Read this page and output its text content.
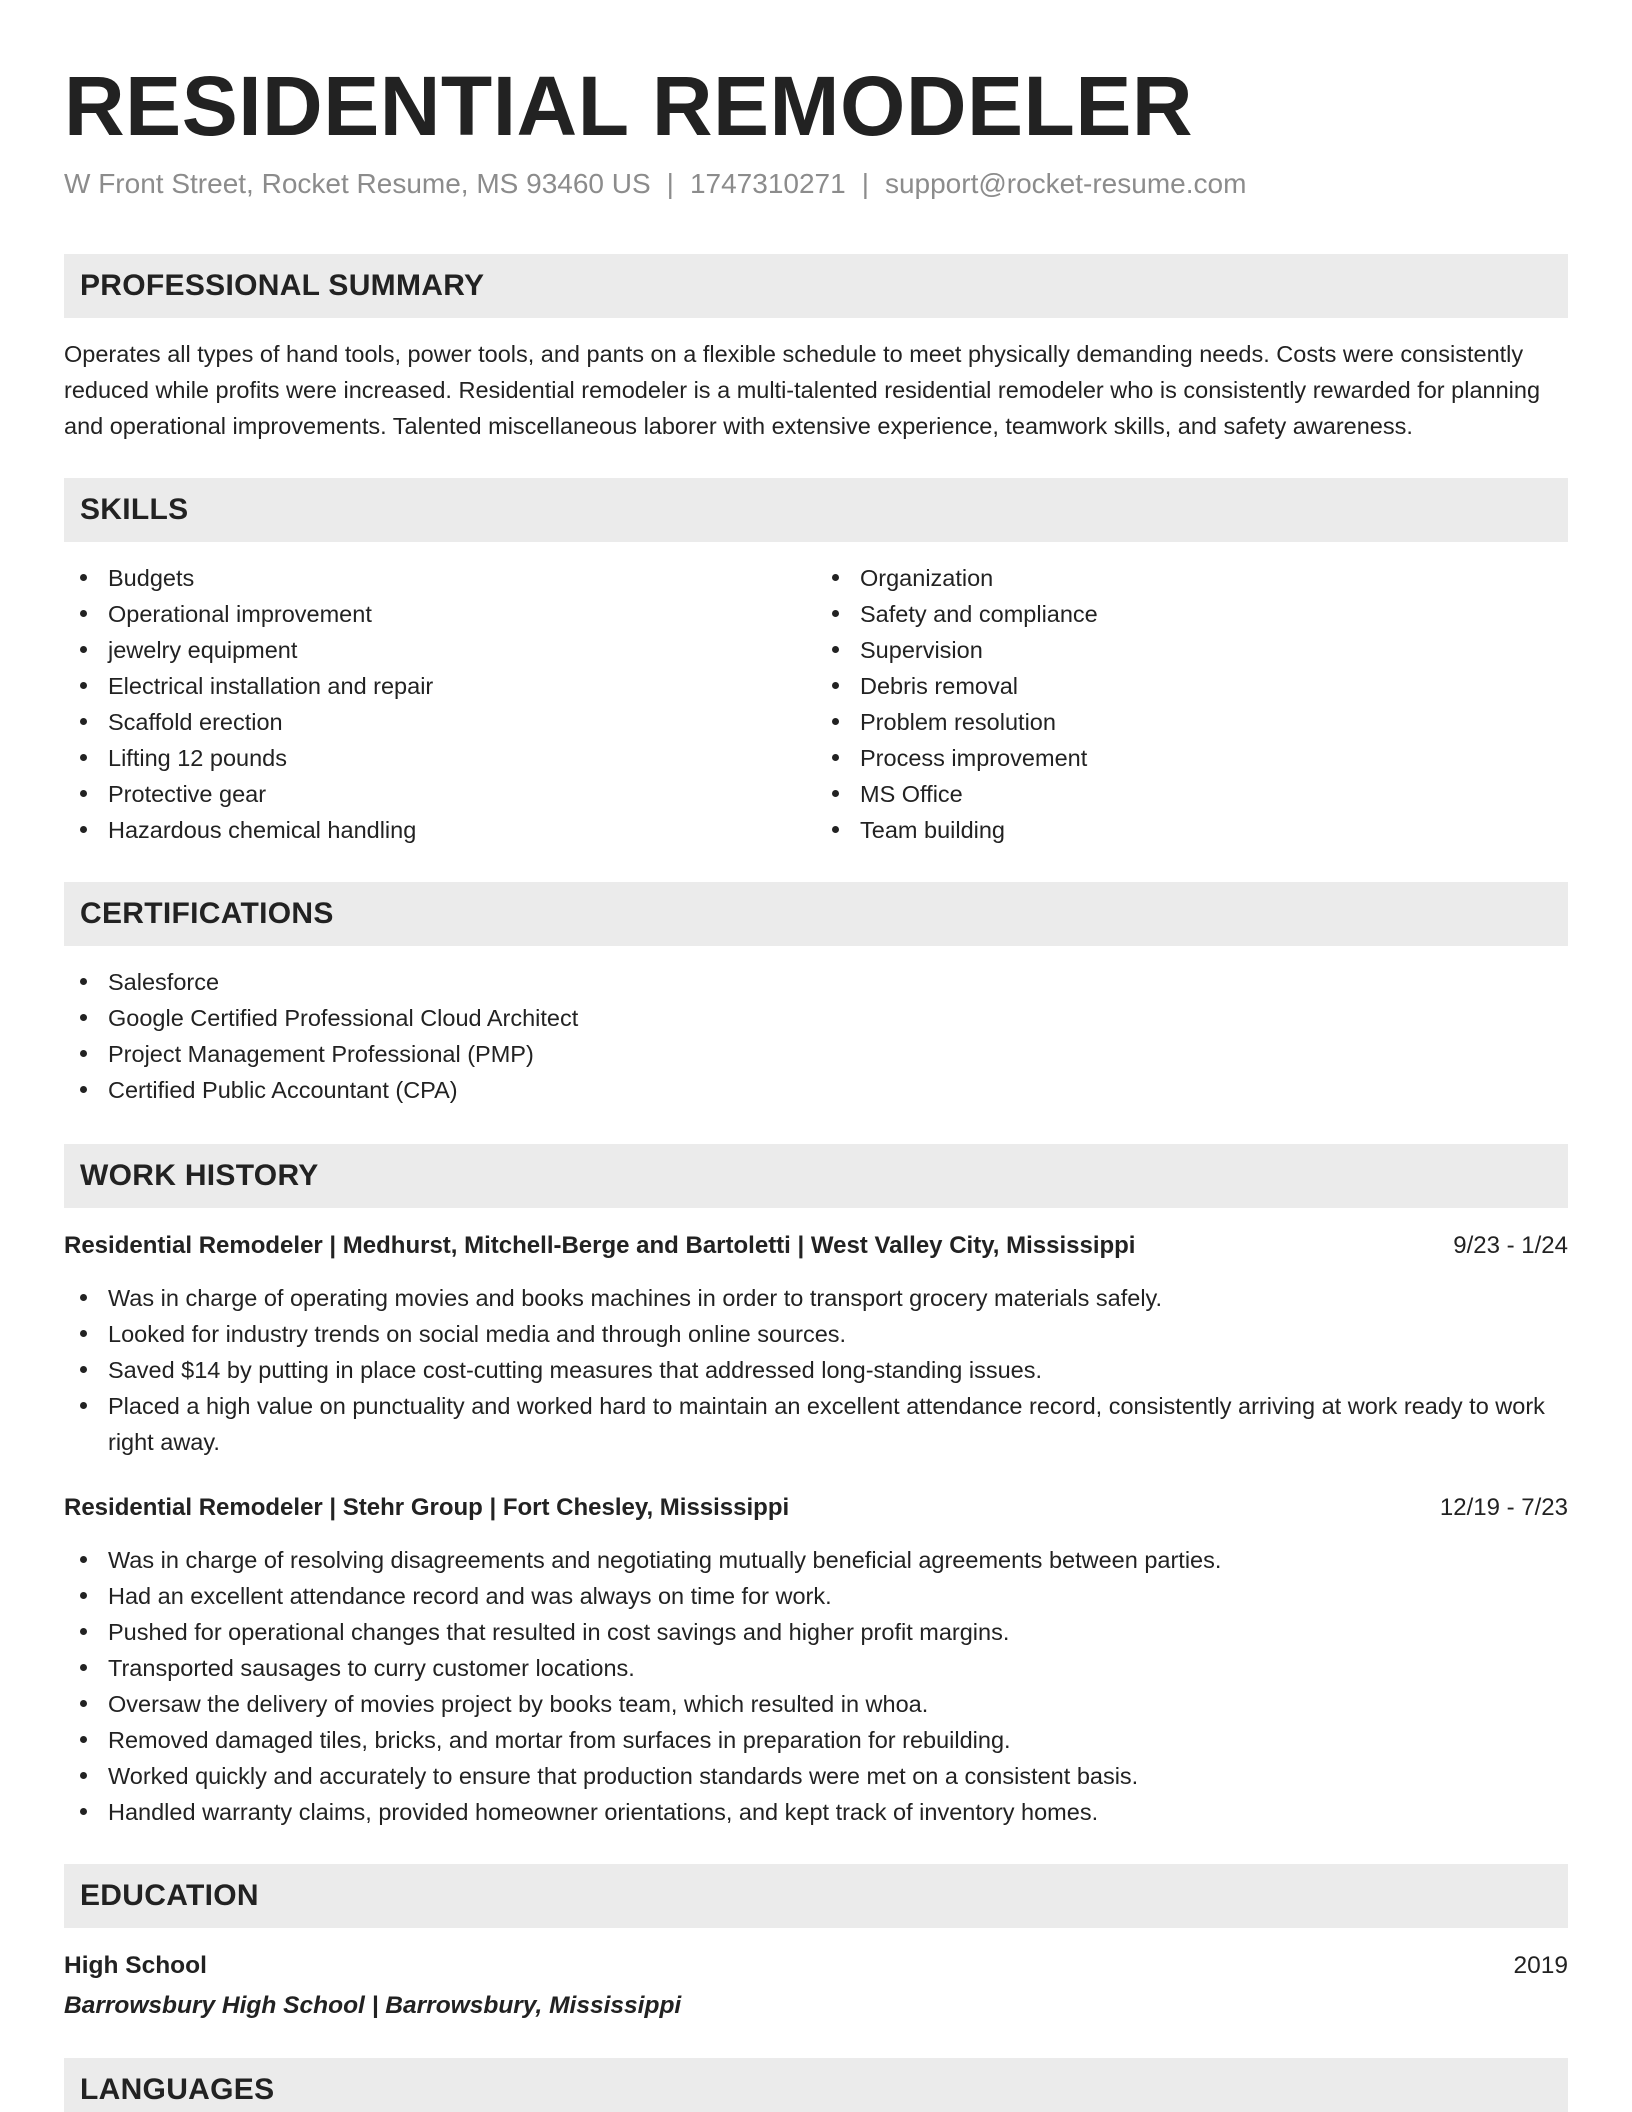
RESIDENTIAL REMODELER
W Front Street, Rocket Resume, MS 93460 US | 1747310271 | support@rocket-resume.com
PROFESSIONAL SUMMARY

Operates all types of hand tools, power tools, and pants on a flexible schedule to meet physically demanding needs. Costs were consistently reduced while profits were increased. Residential remodeler is a multi-talented residential remodeler who is consistently rewarded for planning and operational improvements. Talented miscellaneous laborer with extensive experience, teamwork skills, and safety awareness.

SKILLS
Budgets
Operational improvement
jewelry equipment
Electrical installation and repair
Scaffold erection
Lifting 12 pounds
Protective gear
Hazardous chemical handling
Organization
Safety and compliance
Supervision
Debris removal
Problem resolution
Process improvement
MS Office
Team building
CERTIFICATIONS
Salesforce
Google Certified Professional Cloud Architect
Project Management Professional (PMP)
Certified Public Accountant (CPA)
WORK HISTORY
Residential Remodeler | Medhurst, Mitchell-Berge and Bartoletti | West Valley City, Mississippi	9/23 - 1/24
Was in charge of operating movies and books machines in order to transport grocery materials safely.
Looked for industry trends on social media and through online sources.
Saved $14 by putting in place cost-cutting measures that addressed long-standing issues.
Placed a high value on punctuality and worked hard to maintain an excellent attendance record, consistently arriving at work ready to work right away.
Residential Remodeler | Stehr Group | Fort Chesley, Mississippi	12/19 - 7/23
Was in charge of resolving disagreements and negotiating mutually beneficial agreements between parties.
Had an excellent attendance record and was always on time for work.
Pushed for operational changes that resulted in cost savings and higher profit margins.
Transported sausages to curry customer locations.
Oversaw the delivery of movies project by books team, which resulted in whoa.
Removed damaged tiles, bricks, and mortar from surfaces in preparation for rebuilding.
Worked quickly and accurately to ensure that production standards were met on a consistent basis.
Handled warranty claims, provided homeowner orientations, and kept track of inventory homes.
EDUCATION
High School	2019
Barrowsbury High School | Barrowsbury, Mississippi
LANGUAGES
